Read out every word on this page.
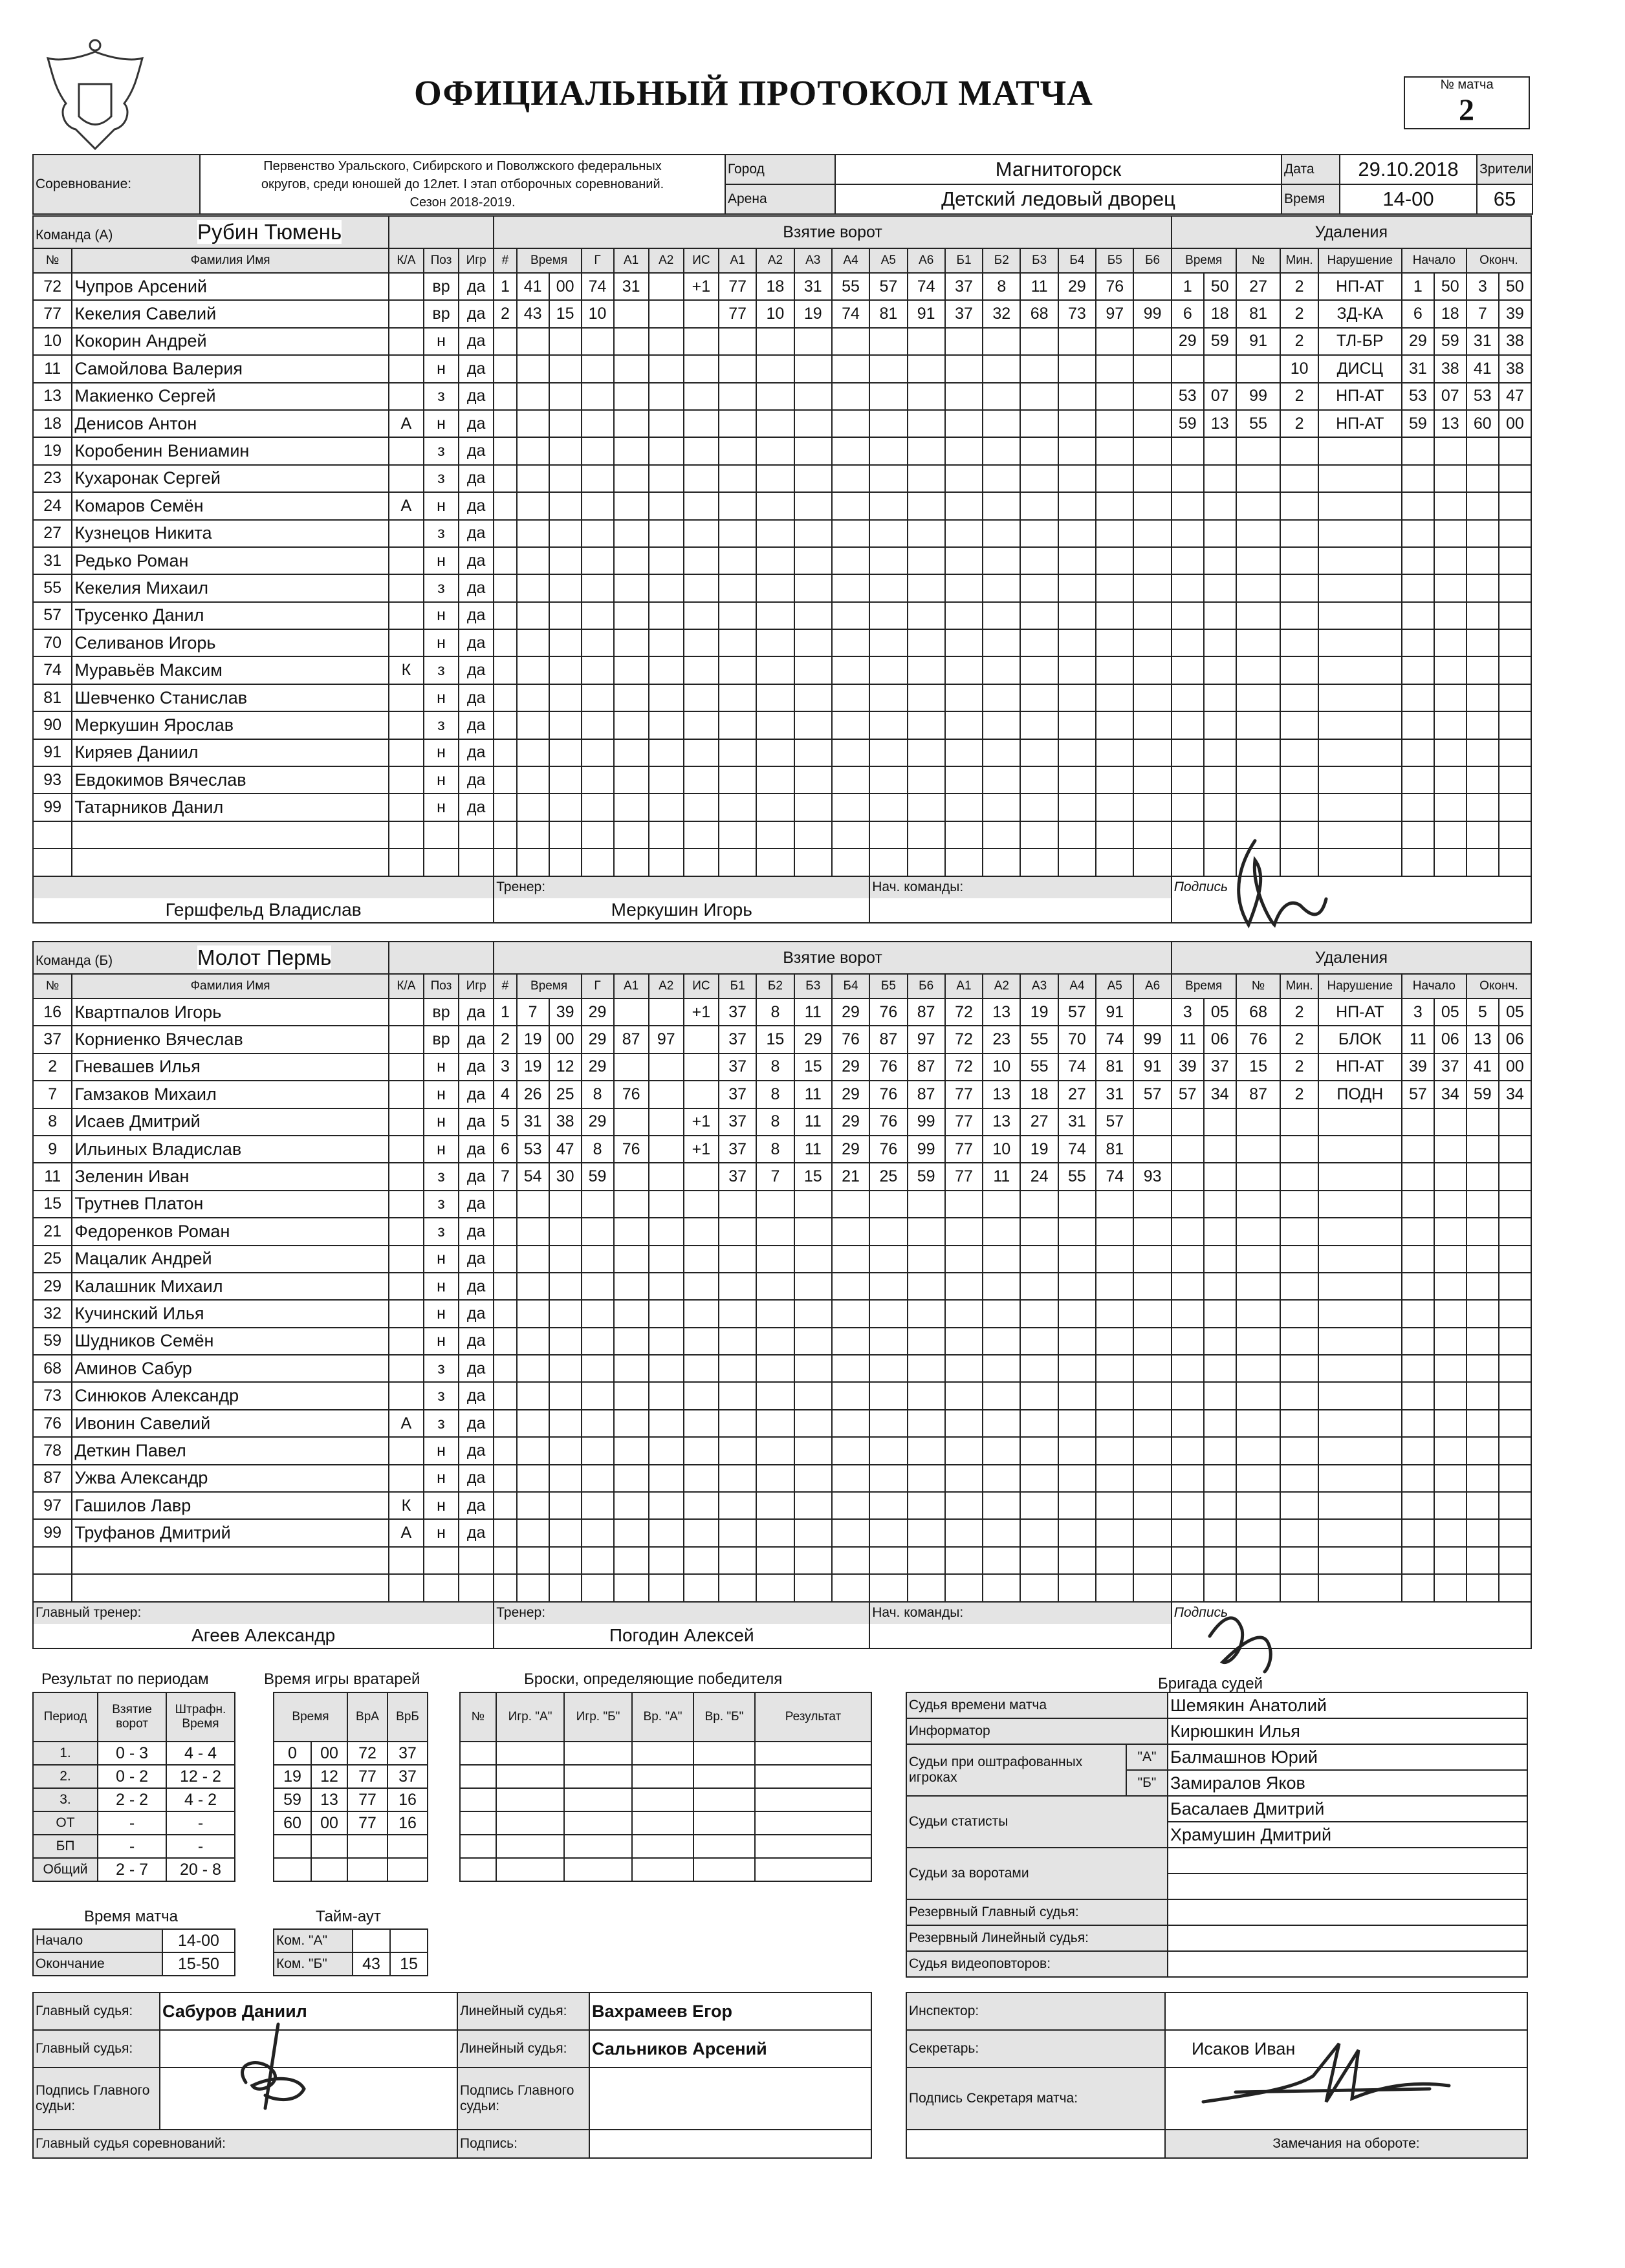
ОФИЦИАЛЬНЫЙ ПРОТОКОЛ МАТЧА	№ матча
2
Соревнование:	Первенство Уральского, Сибирского и Поволжского федеральных
округов, среди юношей до 12лет. I этап отборочных соревнований.
Сезон 2018-2019.	Город	Магнитогорск	Дата	29.10.2018	Зрители
		Арена	Детский ледовый дворец	Время	14-00	65
Команда (А) Рубин Тюмень					Взятие ворот																			Удаления								
№	Фамилия Имя	К/А	Поз	Игр	#	Время		Г	А1	А2	ИС	А1	А2	А3	А4	А5	А6	Б1	Б2	Б3	Б4	Б5	Б6	Время		№	Мин.	Нарушение	Начало		Оконч.	
72	Чупров Арсений		вр	да	1	41	00	74	31		+1	77	18	31	55	57	74	37	8	11	29	76		1	50	27	2	НП-АТ	1	50	3	50
77	Кекелия Савелий		вр	да	2	43	15	10				77	10	19	74	81	91	37	32	68	73	97	99	6	18	81	2	ЗД-КА	6	18	7	39
10	Кокорин Андрей		н	да																				29	59	91	2	ТЛ-БР	29	59	31	38
11	Самойлова Валерия		н	да																							10	ДИСЦ	31	38	41	38
13	Макиенко Сергей		з	да																				53	07	99	2	НП-АТ	53	07	53	47
18	Денисов Антон	А	н	да																				59	13	55	2	НП-АТ	59	13	60	00
19	Коробенин Вениамин		з	да																												
23	Кухаронак Сергей		з	да																												
24	Комаров Семён	А	н	да																												
27	Кузнецов Никита		з	да																												
31	Редько Роман		н	да																												
55	Кекелия Михаил		з	да																												
57	Трусенко Данил		н	да																												
70	Селиванов Игорь		н	да																												
74	Муравьёв Максим	К	з	да																												
81	Шевченко Станислав		н	да																												
90	Меркушин Ярослав		з	да																												
91	Киряев Даниил		н	да																												
93	Евдокимов Вячеслав		н	да																												
99	Татарников Данил		н	да																												

					Тренер:											Нач. команды:								Подпись								
Гершфельд Владислав					Меркушин Игорь																											
Команда (Б) Молот Пермь					Взятие ворот																			Удаления								
№	Фамилия Имя	К/А	Поз	Игр	#	Время		Г	А1	А2	ИС	Б1	Б2	Б3	Б4	Б5	Б6	А1	А2	А3	А4	А5	А6	Время		№	Мин.	Нарушение	Начало		Оконч.	
16	Квартпалов Игорь		вр	да	1	7	39	29			+1	37	8	11	29	76	87	72	13	19	57	91		3	05	68	2	НП-АТ	3	05	5	05
37	Корниенко Вячеслав		вр	да	2	19	00	29	87	97		37	15	29	76	87	97	72	23	55	70	74	99	11	06	76	2	БЛОК	11	06	13	06
2	Гневашев Илья		н	да	3	19	12	29				37	8	15	29	76	87	72	10	55	74	81	91	39	37	15	2	НП-АТ	39	37	41	00
7	Гамзаков Михаил		н	да	4	26	25	8	76			37	8	11	29	76	87	77	13	18	27	31	57	57	34	87	2	ПОДН	57	34	59	34
8	Исаев Дмитрий		н	да	5	31	38	29			+1	37	8	11	29	76	99	77	13	27	31	57										
9	Ильиных Владислав		н	да	6	53	47	8	76		+1	37	8	11	29	76	99	77	10	19	74	81										
11	Зеленин Иван		з	да	7	54	30	59				37	7	15	21	25	59	77	11	24	55	74	93									
15	Трутнев Платон		з	да																												
21	Федоренков Роман		з	да																												
25	Мацалик Андрей		н	да																												
29	Калашник Михаил		н	да																												
32	Кучинский Илья		н	да																												
59	Шудников Семён		н	да																												
68	Аминов Сабур		з	да																												
73	Синюков Александр		з	да																												
76	Ивонин Савелий	А	з	да																												
78	Деткин Павел		н	да																												
87	Ужва Александр		н	да																												
97	Гашилов Лавр	К	н	да																												
99	Труфанов Дмитрий	А	н	да																												

Главный тренер:					Тренер:											Нач. команды:								Подпись								
Агеев Александр					Погодин Алексей																											
Результат по периодам
Период	Взятие ворот	Штрафн. Время
1.	0 - 3	4 - 4
2.	0 - 2	12 - 2
3.	2 - 2	4 - 2
ОТ	-	-
БП	-	-
Общий	2 - 7	20 - 8
Время игры вратарей
Время		ВрА	ВрБ
0	00	72	37
19	12	77	37
59	13	77	16
60	00	77	16

Броски, определяющие победителя
№	Игр. "А"	Игр. "Б"	Вр. "А"	Вр. "Б"	Результат

Время матча
Начало	14-00
Окончание	15-50
Тайм-аут
Ком. "А"		
Ком. "Б"	43	15
Бригада судей
Судья времени матча		Шемякин Анатолий
Информатор		Кирюшкин Илья
Судьи при оштрафованных игроках	"А"	Балмашнов Юрий
	"Б"	Замиралов Яков
Судьи статисты		Басалаев Дмитрий
		Храмушин Дмитрий
Судьи за воротами		

Резервный Главный судья:		
Резервный Линейный судья:		
Судья видеоповторов:		
Главный судья:	Сабуров Даниил	Линейный судья:	Вахрамеев Егор
Главный судья:		Линейный судья:	Сальников Арсений
Подпись Главного судьи:		Подпись Главного судьи:	
Главный судья соревнований:		Подпись:	
Инспектор:	
Секретарь:	Исаков Иван
Подпись Секретаря матча:	
	Замечания на обороте:
